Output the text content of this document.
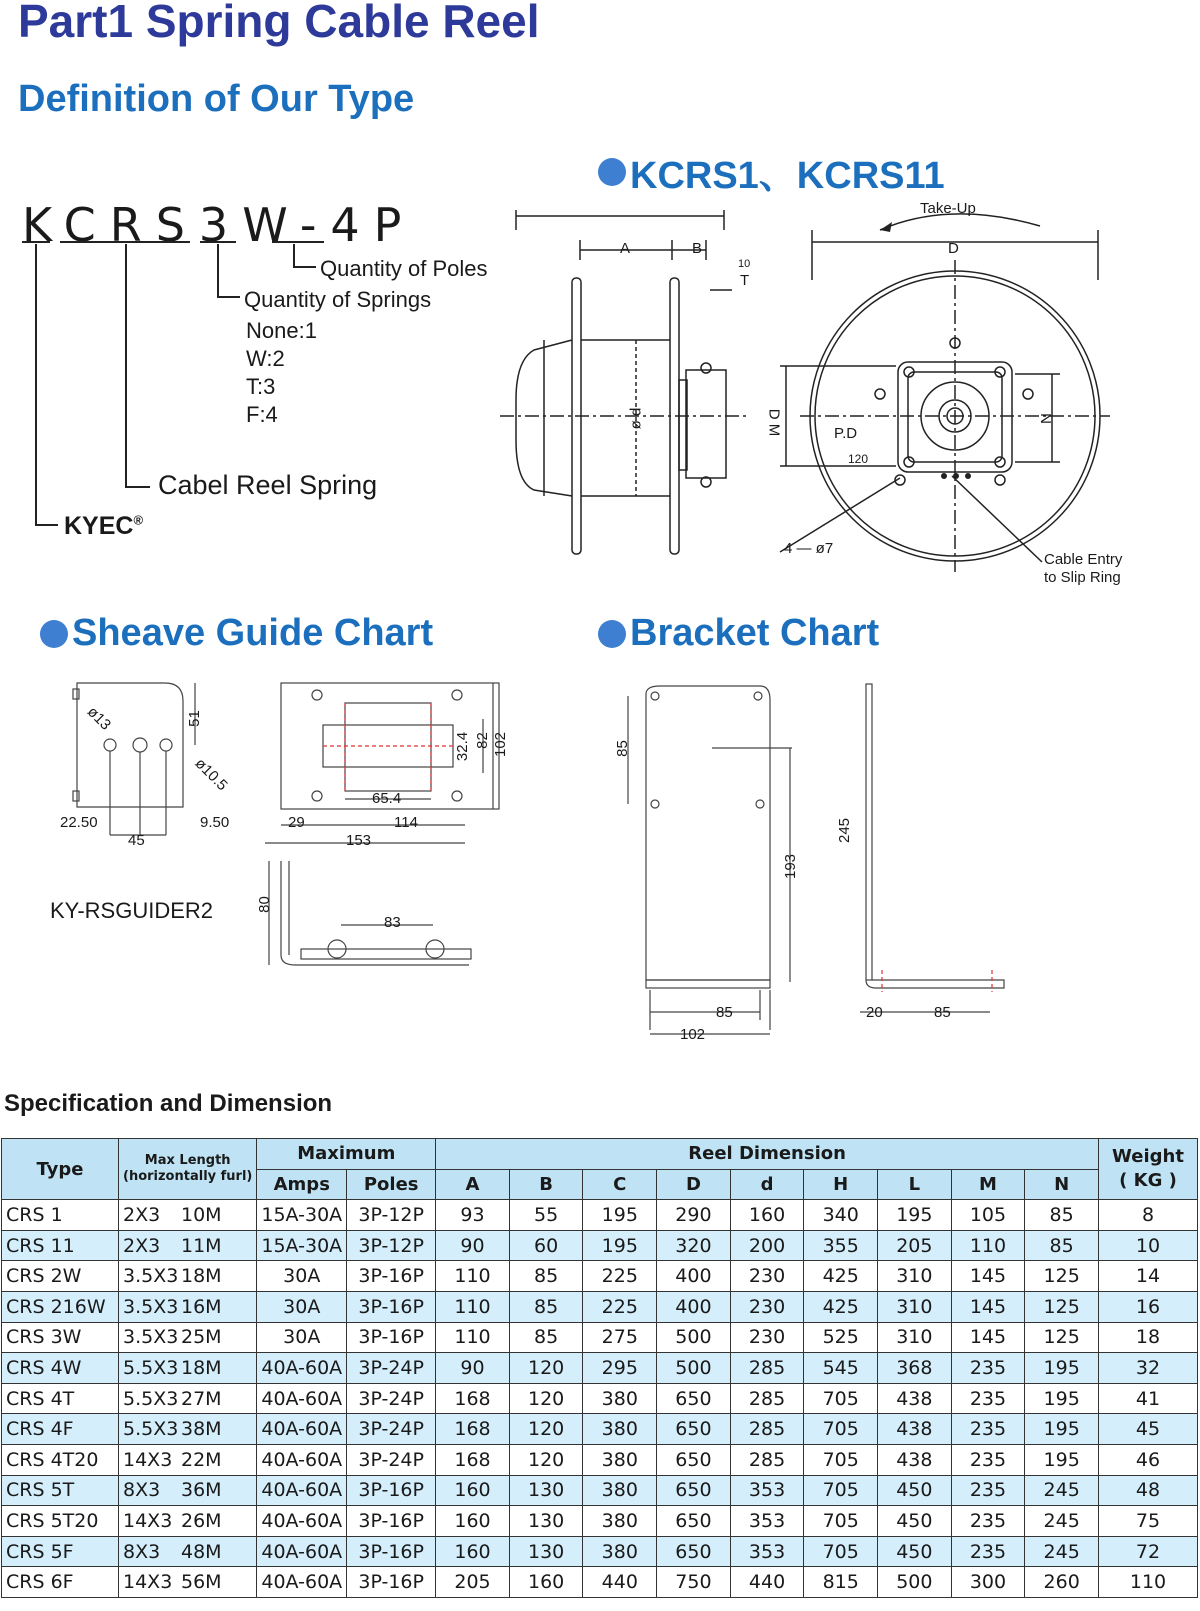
Part1 Spring Cable Reel
Definition of Our Type
KCRS3W-4P
Quantity of Poles
Quantity of Springs
None:1
W:2
T:3
F:4
Cabel Reel Spring
KYEC®
KCRS1、KCRS11
Take-Up
Cable Entry
to Slip Ring
A	B
10
T
D
ø d	D M	N
P.D
120
4 — ø7
Sheave Guide Chart
ø13	51
ø10.5
22.50
45
9.50	29	114
153
65.4
32.4 82 102
80
83
KY-RSGUIDER2
Bracket Chart
85
193
245
85
102
20	85
Specification and Dimension
Type	Max Length
(horizontally furl)	Maximum		Reel Dimension									Weight
( KG )
		Amps	Poles	A	B	C	D	d	H	L	M	N	
CRS 1	2X3 10M	15A-30A	3P-12P	93	55	195	290	160	340	195	105	85	8
CRS 11	2X3 11M	15A-30A	3P-12P	90	60	195	320	200	355	205	110	85	10
CRS 2W	3.5X3 18M	30A	3P-16P	110	85	225	400	230	425	310	145	125	14
CRS 216W	3.5X3 16M	30A	3P-16P	110	85	225	400	230	425	310	145	125	16
CRS 3W	3.5X3 25M	30A	3P-16P	110	85	275	500	230	525	310	145	125	18
CRS 4W	5.5X3 18M	40A-60A	3P-24P	90	120	295	500	285	545	368	235	195	32
CRS 4T	5.5X3 27M	40A-60A	3P-24P	168	120	380	650	285	705	438	235	195	41
CRS 4F	5.5X3 38M	40A-60A	3P-24P	168	120	380	650	285	705	438	235	195	45
CRS 4T20	14X3 22M	40A-60A	3P-24P	168	120	380	650	285	705	438	235	195	46
CRS 5T	8X3 36M	40A-60A	3P-16P	160	130	380	650	353	705	450	235	245	48
CRS 5T20	14X3 26M	40A-60A	3P-16P	160	130	380	650	353	705	450	235	245	75
CRS 5F	8X3 48M	40A-60A	3P-16P	160	130	380	650	353	705	450	235	245	72
CRS 6F	14X3 56M	40A-60A	3P-16P	205	160	440	750	440	815	500	300	260	110
